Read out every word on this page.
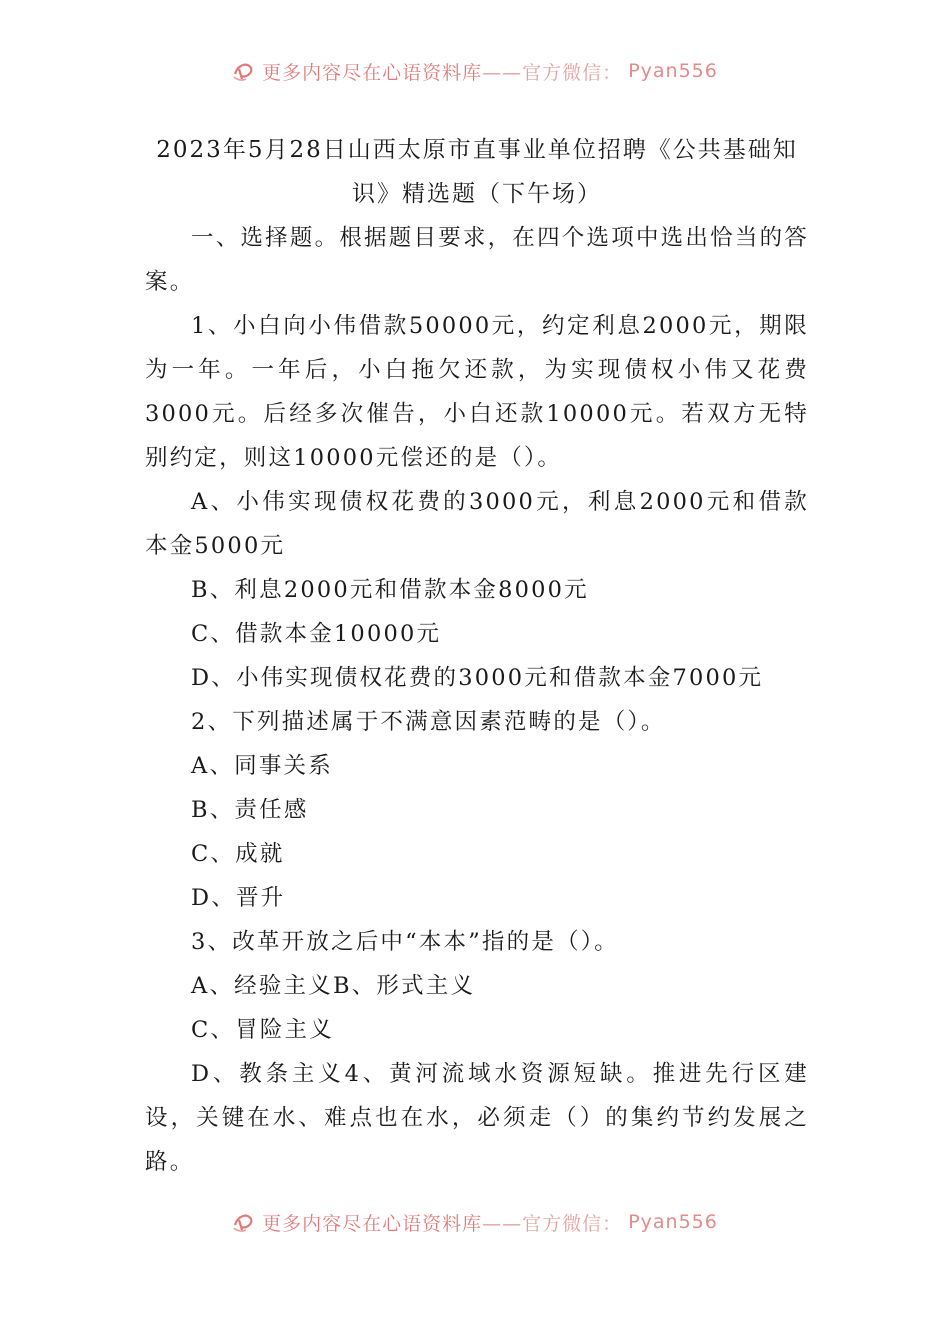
更多内容尽在心语资料库 ——官方微信： Pyan556
2023年5月28日山西太原市直事业单位招聘《公共基础知识》精选题（下午场）

一、选择题。根据题目要求，在四个选项中选出恰当的答案。

1、小白向小伟借款50000元，约定利息2000元，期限为一年。一年后，小白拖欠还款，为实现债权小伟又花费3000元。后经多次催告，小白还款10000元。若双方无特别约定，则这10000元偿还的是（）。

A、小伟实现债权花费的3000元，利息2000元和借款本金5000元

B、利息2000元和借款本金8000元

C、借款本金10000元

D、小伟实现债权花费的3000元和借款本金7000元

2、下列描述属于不满意因素范畴的是（）。

A、同事关系

B、责任感

C、成就

D、晋升

3、改革开放之后中“本本”指的是（）。

A、经验主义B、形式主义

C、冒险主义

D、教条主义4、黄河流域水资源短缺。推进先行区建设，关键在水、难点也在水，必须走（）的集约节约发展之路。

更多内容尽在心语资料库 ——官方微信： Pyan556
